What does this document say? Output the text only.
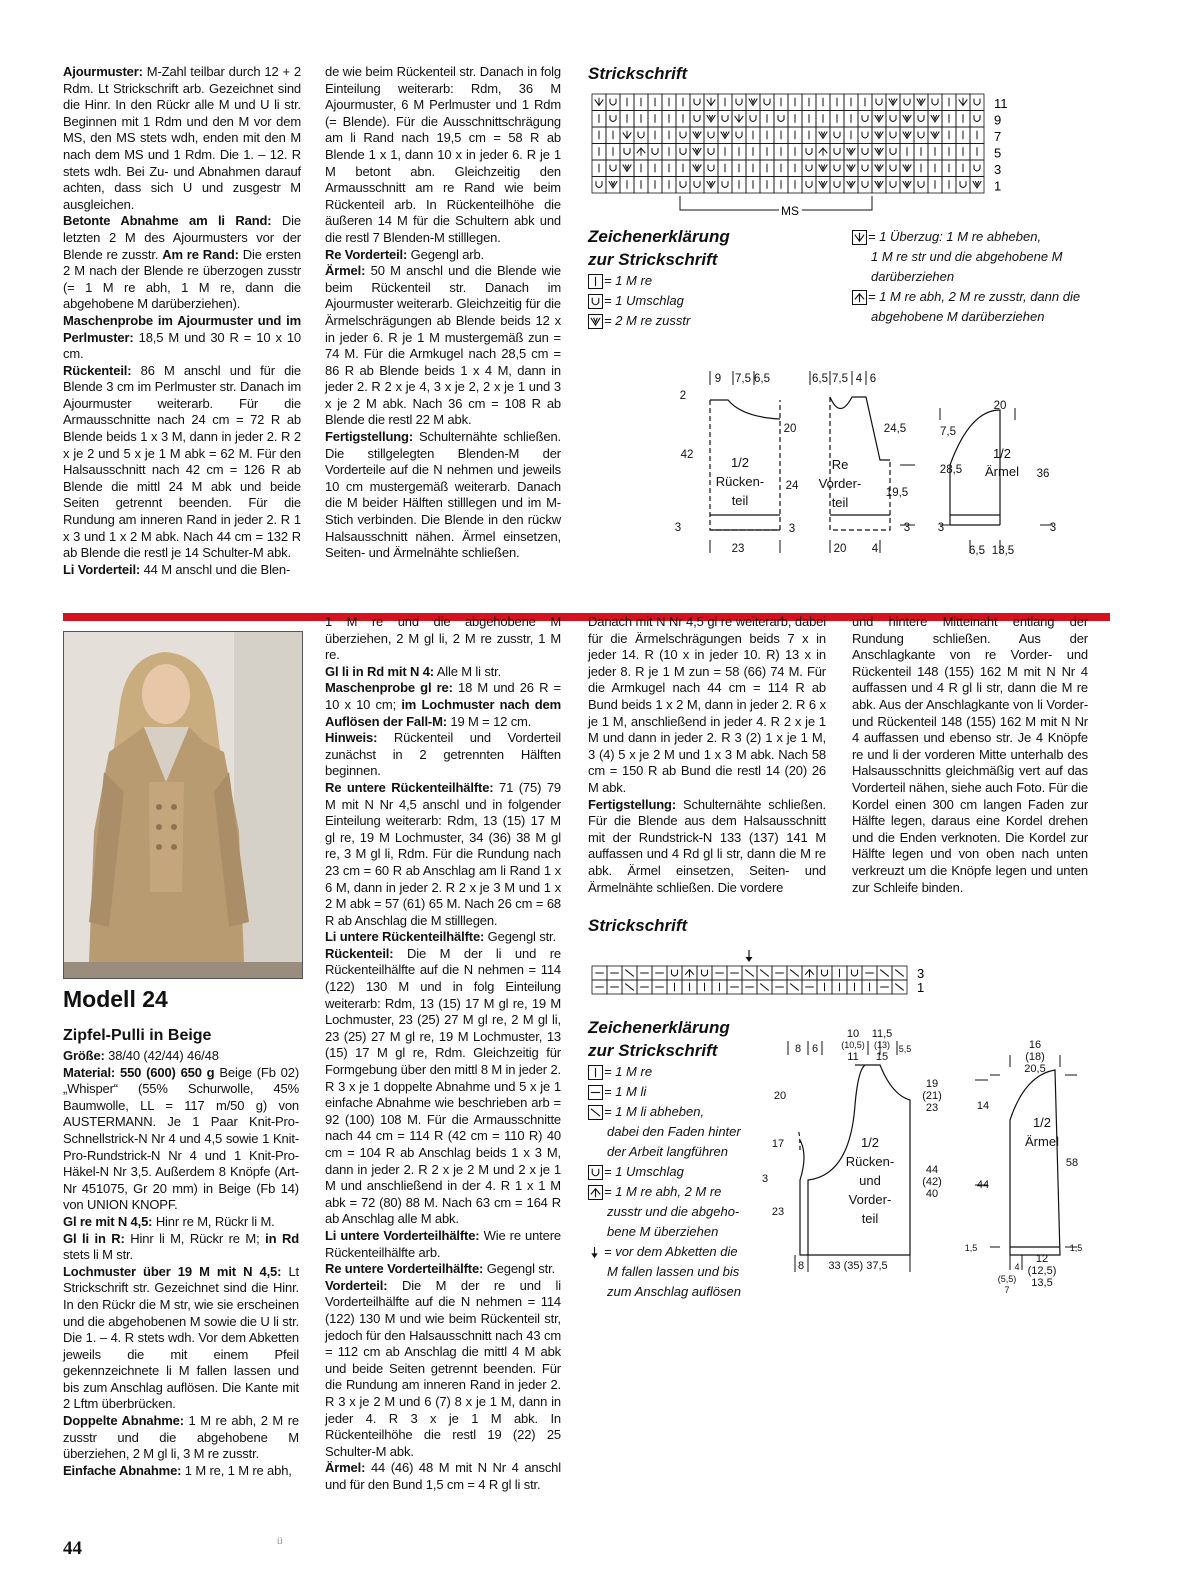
Ajourmuster: M-Zahl teilbar durch 12 + 2 Rdm. Lt Strickschrift arb. Gezeichnet sind die Hinr. In den Rückr alle M und U li str. Beginnen mit 1 Rdm und den M vor dem MS, den MS stets wdh, enden mit den M nach dem MS und 1 Rdm. Die 1. – 12. R stets wdh. Bei Zu- und Abnahmen darauf achten, dass sich U und zusgestr M ausgleichen.

Betonte Abnahme am li Rand: Die letzten 2 M des Ajourmusters vor der Blende re zusstr. Am re Rand: Die ersten 2 M nach der Blende re überzogen zusstr (= 1 M re abh, 1 M re, dann die abgehobene M darüberziehen).

Maschenprobe im Ajourmuster und im Perlmuster: 18,5 M und 30 R = 10 x 10 cm.

Rückenteil: 86 M anschl und für die Blende 3 cm im Perlmuster str. Danach im Ajourmuster weiterarb. Für die Armausschnitte nach 24 cm = 72 R ab Blende beids 1 x 3 M, dann in jeder 2. R 2 x je 2 und 5 x je 1 M abk = 62 M. Für den Halsausschnitt nach 42 cm = 126 R ab Blende die mittl 24 M abk und beide Seiten getrennt beenden. Für die Rundung am inneren Rand in jeder 2. R 1 x 3 und 1 x 2 M abk. Nach 44 cm = 132 R ab Blende die restl je 14 Schulter-M abk.

Li Vorderteil: 44 M anschl und die Blen-

de wie beim Rückenteil str. Danach in folg Einteilung weiterarb: Rdm, 36 M Ajourmuster, 6 M Perlmuster und 1 Rdm (= Blende). Für die Ausschnittschrägung am li Rand nach 19,5 cm = 58 R ab Blende 1 x 1, dann 10 x in jeder 6. R je 1 M betont abn. Gleichzeitig den Armausschnitt am re Rand wie beim Rückenteil arb. In Rückenteilhöhe die äußeren 14 M für die Schultern abk und die restl 7 Blenden-M stilllegen.

Re Vorderteil: Gegengl arb.

Ärmel: 50 M anschl und die Blende wie beim Rückenteil str. Danach im Ajourmuster weiterarb. Gleichzeitig für die Ärmelschrägungen ab Blende beids 12 x in jeder 6. R je 1 M mustergemäß zun = 74 M. Für die Armkugel nach 28,5 cm = 86 R ab Blende beids 1 x 4 M, dann in jeder 2. R 2 x je 4, 3 x je 2, 2 x je 1 und 3 x je 2 M abk. Nach 36 cm = 108 R ab Blende die restl 22 M abk.

Fertigstellung: Schulternähte schließen. Die stillgelegten Blenden-M der Vorderteile auf die N nehmen und jeweils 10 cm mustergemäß weiterarb. Danach die M beider Hälften stilllegen und im M-Stich verbinden. Die Blende in den rückw Halsausschnitt nähen. Ärmel einsetzen, Seiten- und Ärmelnähte schließen.

Strickschrift
11
9
7
5
3
1
MS
Zeichenerklärung
zur Strickschrift
= 1 M re
= 1 Umschlag
= 2 M re zusstr
= 1 Überzug: 1 M re abheben,
1 M re str und die abgehobene M
darüberziehen
= 1 M re abh, 2 M re zusstr, dann die
abgehobene M darüberziehen
9 7,5 6,5	6,5 7,5 4 6
2
42
20
24
3	3
23
24,5
19,5
3
20 4
20
7,5
28,5	36
3	3
6,5 13,5
1/2
Rücken-
teil
Re
Vorder-
teil
1/2
Ärmel
Modell 24
Zipfel-Pulli in Beige

Größe: 38/40 (42/44) 46/48

Material: 550 (600) 650 g Beige (Fb 02) „Whisper“ (55% Schurwolle, 45% Baumwolle, LL = 117 m/50 g) von AUSTERMANN. Je 1 Paar Knit-Pro-Schnellstrick-N Nr 4 und 4,5 sowie 1 Knit-Pro-Rundstrick-N Nr 4 und 1 Knit-Pro-Häkel-N Nr 3,5. Außerdem 8 Knöpfe (Art-Nr 451075, Gr 20 mm) in Beige (Fb 14) von UNION KNOPF.

Gl re mit N 4,5: Hinr re M, Rückr li M.

Gl li in R: Hinr li M, Rückr re M; in Rd stets li M str.

Lochmuster über 19 M mit N 4,5: Lt Strickschrift str. Gezeichnet sind die Hinr. In den Rückr die M str, wie sie erscheinen und die abgehobenen M sowie die U li str. Die 1. – 4. R stets wdh. Vor dem Abketten jeweils die mit einem Pfeil gekennzeichnete li M fallen lassen und bis zum Anschlag auflösen. Die Kante mit 2 Lftm überbrücken.

Doppelte Abnahme: 1 M re abh, 2 M re zusstr und die abgehobene M überziehen, 2 M gl li, 3 M re zusstr.

Einfache Abnahme: 1 M re, 1 M re abh,

1 M re und die abgehobene M überziehen, 2 M gl li, 2 M re zusstr, 1 M re.

Gl li in Rd mit N 4: Alle M li str.

Maschenprobe gl re: 18 M und 26 R = 10 x 10 cm; im Lochmuster nach dem Auflösen der Fall-M: 19 M = 12 cm.

Hinweis: Rückenteil und Vorderteil zunächst in 2 getrennten Hälften beginnen.

Re untere Rückenteilhälfte: 71 (75) 79 M mit N Nr 4,5 anschl und in folgender Einteilung weiterarb: Rdm, 13 (15) 17 M gl re, 19 M Lochmuster, 34 (36) 38 M gl re, 3 M gl li, Rdm. Für die Rundung nach 23 cm = 60 R ab Anschlag am li Rand 1 x 6 M, dann in jeder 2. R 2 x je 3 M und 1 x 2 M abk = 57 (61) 65 M. Nach 26 cm = 68 R ab Anschlag die M stilllegen.

Li untere Rückenteilhälfte: Gegengl str.

Rückenteil: Die M der li und re Rückenteilhälfte auf die N nehmen = 114 (122) 130 M und in folg Einteilung weiterarb: Rdm, 13 (15) 17 M gl re, 19 M Lochmuster, 23 (25) 27 M gl re, 2 M gl li, 23 (25) 27 M gl re, 19 M Lochmuster, 13 (15) 17 M gl re, Rdm. Gleichzeitig für Formgebung über den mittl 8 M in jeder 2. R 3 x je 1 doppelte Abnahme und 5 x je 1 einfache Abnahme wie beschrieben arb = 92 (100) 108 M. Für die Armausschnitte nach 44 cm = 114 R (42 cm = 110 R) 40 cm = 104 R ab Anschlag beids 1 x 3 M, dann in jeder 2. R 2 x je 2 M und 2 x je 1 M und anschließend in der 4. R 1 x 1 M abk = 72 (80) 88 M. Nach 63 cm = 164 R ab Anschlag alle M abk.

Li untere Vorderteilhälfte: Wie re untere Rückenteilhälfte arb.

Re untere Vorderteilhälfte: Gegengl str.

Vorderteil: Die M der re und li Vorderteilhälfte auf die N nehmen = 114 (122) 130 M und wie beim Rückenteil str, jedoch für den Halsausschnitt nach 43 cm = 112 cm ab Anschlag die mittl 4 M abk und beide Seiten getrennt beenden. Für die Rundung am inneren Rand in jeder 2. R 3 x je 2 M und 6 (7) 8 x je 1 M, dann in jeder 4. R 3 x je 1 M abk. In Rückenteilhöhe die restl 19 (22) 25 Schulter-M abk.

Ärmel: 44 (46) 48 M mit N Nr 4 anschl und für den Bund 1,5 cm = 4 R gl li str.

Danach mit N Nr 4,5 gl re weiterarb, dabei für die Ärmelschrägungen beids 7 x in jeder 14. R (10 x in jeder 10. R) 13 x in jeder 8. R je 1 M zun = 58 (66) 74 M. Für die Armkugel nach 44 cm = 114 R ab Bund beids 1 x 2 M, dann in jeder 2. R 6 x je 1 M, anschließend in jeder 4. R 2 x je 1 M und dann in jeder 2. R 3 (2) 1 x je 1 M, 3 (4) 5 x je 2 M und 1 x 3 M abk. Nach 58 cm = 150 R ab Bund die restl 14 (20) 26 M abk.

Fertigstellung: Schulternähte schließen. Für die Blende aus dem Halsausschnitt mit der Rundstrick-N 133 (137) 141 M auffassen und 4 Rd gl li str, dann die M re abk. Ärmel einsetzen, Seiten- und Ärmelnähte schließen. Die vordere

und hintere Mittelnaht entlang der Rundung schließen. Aus der Anschlagkante von re Vorder- und Rückenteil 148 (155) 162 M mit N Nr 4 auffassen und 4 R gl li str, dann die M re abk. Aus der Anschlagkante von li Vorder- und Rückenteil 148 (155) 162 M mit N Nr 4 auffassen und ebenso str. Je 4 Knöpfe re und li der vorderen Mitte unterhalb des Halsausschnitts gleichmäßig vert auf das Vorderteil nähen, siehe auch Foto. Für die Kordel einen 300 cm langen Faden zur Hälfte legen, daraus eine Kordel drehen und die Enden verknoten. Die Kordel zur Hälfte legen und von oben nach unten verkreuzt um die Knöpfe legen und unten zur Schleife binden.

Strickschrift
3
1
Zeichenerklärung
zur Strickschrift
= 1 M re
= 1 M li
= 1 M li abheben,
dabei den Faden hinter
der Arbeit langführen
= 1 Umschlag
= 1 M re abh, 2 M re
zusstr und die abgeho-
bene M überziehen
= vor dem Abketten die
M fallen lassen und bis
zum Anschlag auflösen
8 6
10
(10,5)
11
11,5
(13)
15
5,5
20
17
3
23
19
(21)
23
44
(42)
40
8 33 (35) 37,5
16
(18)
20,5
14
44
58
1,5	1,5
4
(5,5)
7
12
(12,5)
13,5
1/2
Rücken-
und
Vorder-
teil
1/2
Ärmel
44	ü
